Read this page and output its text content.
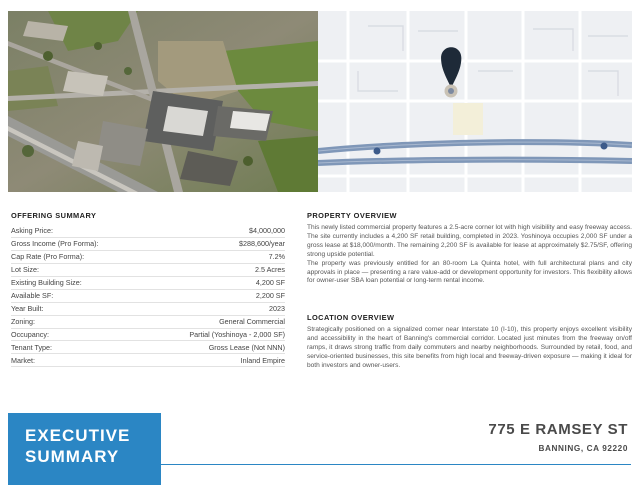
OFFERING SUMMARY
Asking Price:	$4,000,000
Gross Income (Pro Forma):	$288,600/year
Cap Rate (Pro Forma):	7.2%
Lot Size:	2.5 Acres
Existing Building Size:	4,200 SF
Available SF:	2,200 SF
Year Built:	2023
Zoning:	General Commercial
Occupancy:	Partial (Yoshinoya - 2,000 SF)
Tenant Type:	Gross Lease (Not NNN)
Market:	Inland Empire
PROPERTY OVERVIEW

This newly listed commercial property features a 2.5-acre corner lot with high visibility and easy freeway access. The site currently includes a 4,200 SF retail building, completed in 2023. Yoshinoya occupies 2,000 SF under a gross lease at $18,000/month. The remaining 2,200 SF is available for lease at approximately $2.75/SF, offering strong upside potential.

The property was previously entitled for an 80-room La Quinta hotel, with full architectural plans and city approvals in place — presenting a rare value-add or development opportunity for investors. This flexibility allows for owner-user SBA loan potential or long-term rental income.

LOCATION OVERVIEW

Strategically positioned on a signalized corner near Interstate 10 (I-10), this property enjoys excellent visibility and accessibility in the heart of Banning's commercial corridor. Located just minutes from the freeway on/off ramps, it draws strong traffic from daily commuters and nearby neighborhoods. Surrounded by retail, food, and service-oriented businesses, this site benefits from high local and freeway-driven exposure — making it ideal for both investors and owner-users.

EXECUTIVE
SUMMARY
775 E RAMSEY ST
BANNING, CA 92220
